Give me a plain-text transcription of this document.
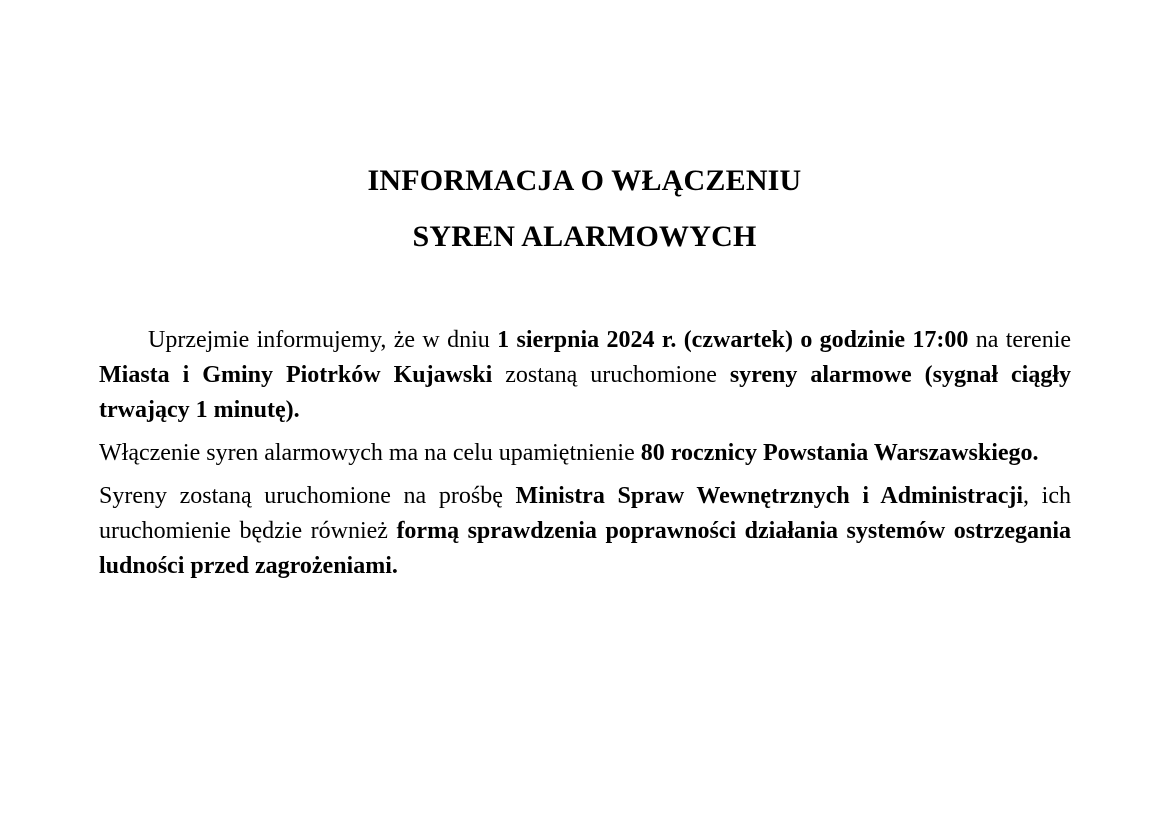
INFORMACJA O WŁĄCZENIU
SYREN ALARMOWYCH

Uprzejmie informujemy, że w dniu 1 sierpnia 2024 r. (czwartek) o godzinie 17:00 na terenie Miasta i Gminy Piotrków Kujawski zostaną uruchomione syreny alarmowe (sygnał ciągły trwający 1 minutę).

Włączenie syren alarmowych ma na celu upamiętnienie 80 rocznicy Powstania Warszawskiego.

Syreny zostaną uruchomione na prośbę Ministra Spraw Wewnętrznych i Administracji, ich uruchomienie będzie również formą sprawdzenia poprawności działania systemów ostrzegania ludności przed zagrożeniami.
